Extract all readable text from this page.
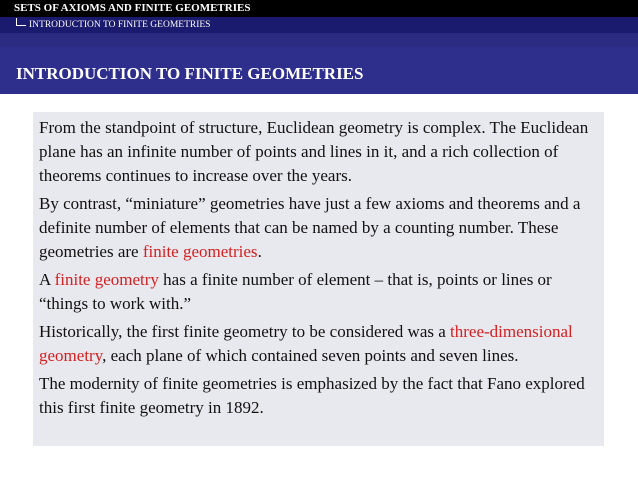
SETS OF AXIOMS AND FINITE GEOMETRIES
INTRODUCTION TO FINITE GEOMETRIES
INTRODUCTION TO FINITE GEOMETRIES

From the standpoint of structure, Euclidean geometry is complex. The Euclidean plane has an infinite number of points and lines in it, and a rich collection of theorems continues to increase over the years.

By contrast, “miniature” geometries have just a few axioms and theorems and a definite number of elements that can be named by a counting number. These geometries are finite geometries.

A finite geometry has a finite number of element – that is, points or lines or “things to work with.”

Historically, the first finite geometry to be considered was a three-dimensional geometry, each plane of which contained seven points and seven lines.

The modernity of finite geometries is emphasized by the fact that Fano explored this first finite geometry in 1892.
